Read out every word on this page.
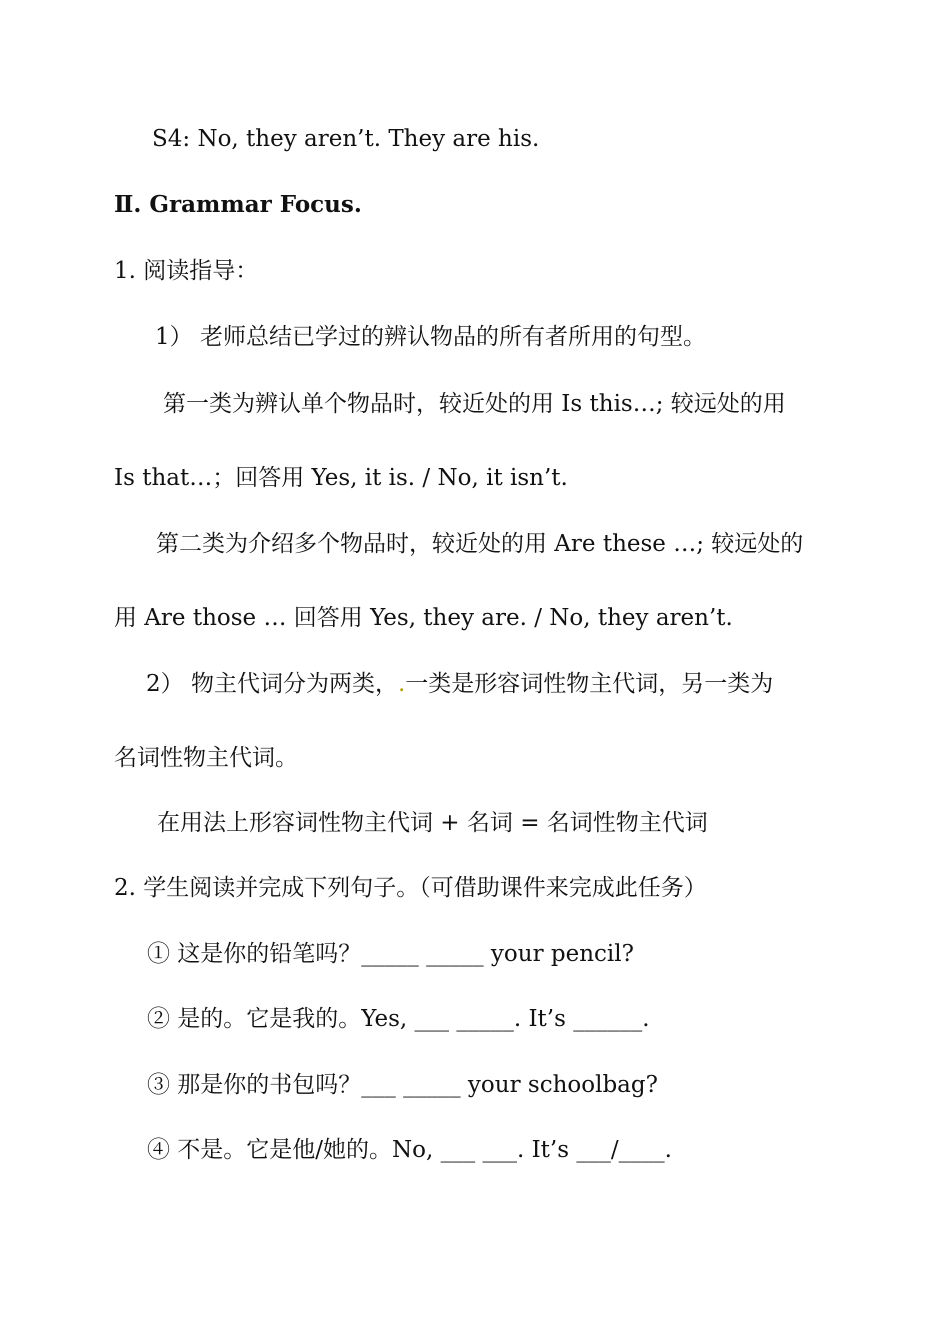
S4: No, they aren’t. They are his.
Ⅱ. Grammar Focus.
1. 阅读指导：
1） 老师总结已学过的辨认物品的所有者所用的句型。
第一类为辨认单个物品时，较近处的用 Is this…; 较远处的用
Is that…；回答用 Yes, it is. / No, it isn’t.
第二类为介绍多个物品时，较近处的用 Are these …; 较远处的
用 Are those … 回答用 Yes, they are. / No, they aren’t.
2） 物主代词分为两类，.一类是形容词性物主代词，另一类为
名词性物主代词。
在用法上形容词性物主代词 + 名词 = 名词性物主代词
2. 学生阅读并完成下列句子。（可借助课件来完成此任务）
① 这是你的铅笔吗？_____ _____ your pencil?
② 是的。它是我的。Yes, ___ _____. It’s ______.
③ 那是你的书包吗？___ _____ your schoolbag?
④ 不是。它是他/她的。No, ___ ___. It’s ___/____.
